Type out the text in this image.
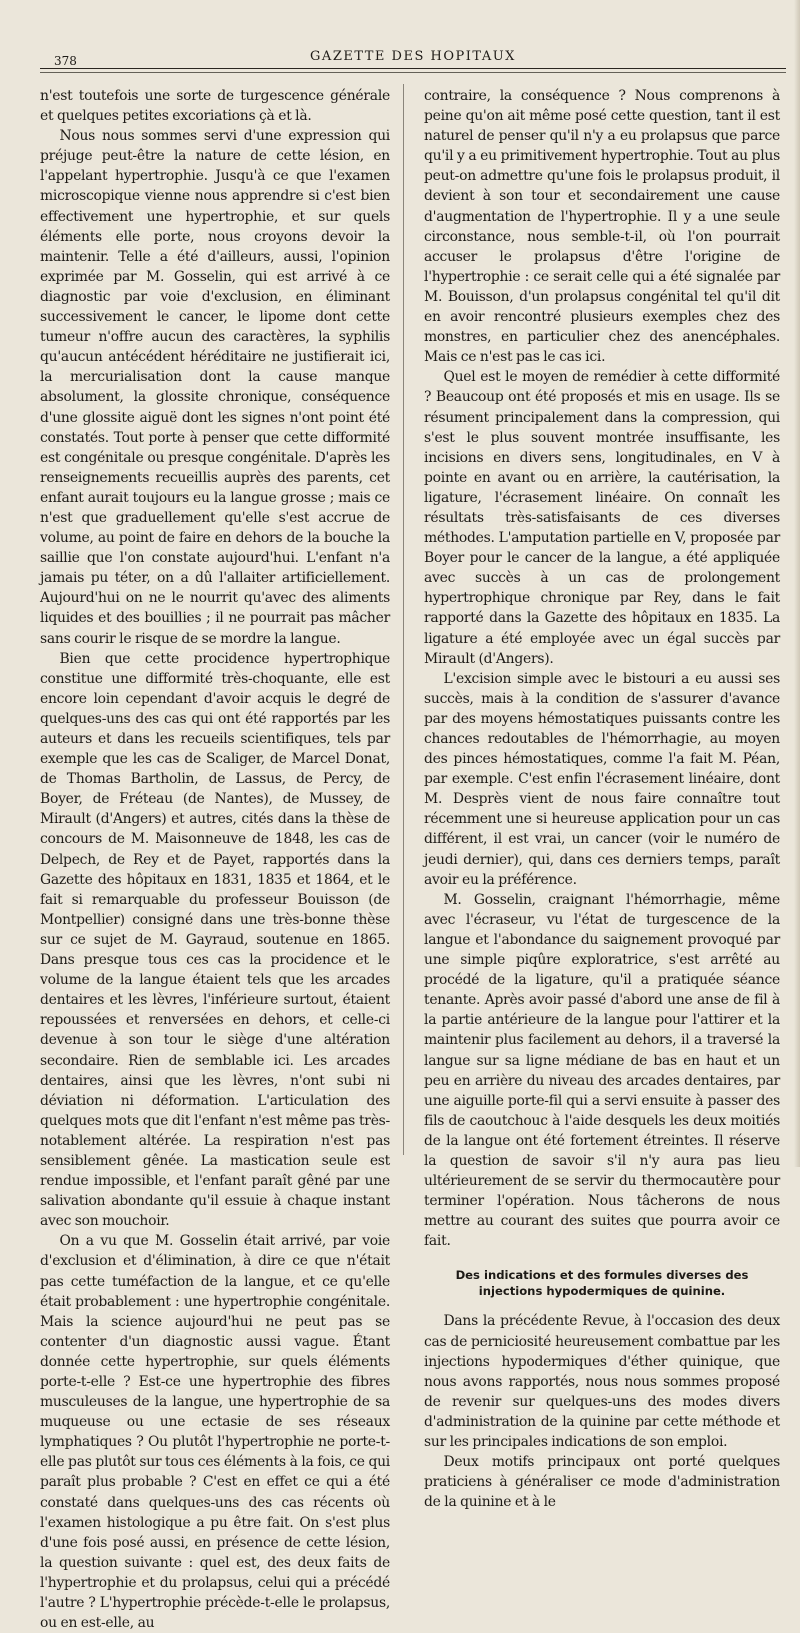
378	GAZETTE DES HOPITAUX

n'est toutefois une sorte de turgescence générale et quelques petites excoriations çà et là.

Nous nous sommes servi d'une expression qui préjuge peut-être la nature de cette lésion, en l'appelant hypertrophie. Jusqu'à ce que l'examen microscopique vienne nous apprendre si c'est bien effectivement une hypertrophie, et sur quels éléments elle porte, nous croyons devoir la maintenir. Telle a été d'ailleurs, aussi, l'opinion exprimée par M. Gosselin, qui est arrivé à ce diagnostic par voie d'exclusion, en éliminant successivement le cancer, le lipome dont cette tumeur n'offre aucun des caractères, la syphilis qu'aucun antécédent héréditaire ne justifierait ici, la mercurialisation dont la cause manque absolument, la glossite chronique, conséquence d'une glossite aiguë dont les signes n'ont point été constatés. Tout porte à penser que cette difformité est congénitale ou presque congénitale. D'après les renseignements recueillis auprès des parents, cet enfant aurait toujours eu la langue grosse ; mais ce n'est que graduellement qu'elle s'est accrue de volume, au point de faire en dehors de la bouche la saillie que l'on constate aujourd'hui. L'enfant n'a jamais pu téter, on a dû l'allaiter artificiellement. Aujourd'hui on ne le nourrit qu'avec des aliments liquides et des bouillies ; il ne pourrait pas mâcher sans courir le risque de se mordre la langue.

Bien que cette procidence hypertrophique constitue une difformité très-choquante, elle est encore loin cependant d'avoir acquis le degré de quelques-uns des cas qui ont été rapportés par les auteurs et dans les recueils scientifiques, tels par exemple que les cas de Scaliger, de Marcel Donat, de Thomas Bartholin, de Lassus, de Percy, de Boyer, de Fréteau (de Nantes), de Mussey, de Mirault (d'Angers) et autres, cités dans la thèse de concours de M. Maisonneuve de 1848, les cas de Delpech, de Rey et de Payet, rapportés dans la Gazette des hôpitaux en 1831, 1835 et 1864, et le fait si remarquable du professeur Bouisson (de Montpellier) consigné dans une très-bonne thèse sur ce sujet de M. Gayraud, soutenue en 1865. Dans presque tous ces cas la procidence et le volume de la langue étaient tels que les arcades dentaires et les lèvres, l'inférieure surtout, étaient repoussées et renversées en dehors, et celle-ci devenue à son tour le siège d'une altération secondaire. Rien de semblable ici. Les arcades dentaires, ainsi que les lèvres, n'ont subi ni déviation ni déformation. L'articulation des quelques mots que dit l'enfant n'est même pas très-notablement altérée. La respiration n'est pas sensiblement gênée. La mastication seule est rendue impossible, et l'enfant paraît gêné par une salivation abondante qu'il essuie à chaque instant avec son mouchoir.

On a vu que M. Gosselin était arrivé, par voie d'exclusion et d'élimination, à dire ce que n'était pas cette tuméfaction de la langue, et ce qu'elle était probablement : une hypertrophie congénitale. Mais la science aujourd'hui ne peut pas se contenter d'un diagnostic aussi vague. Étant donnée cette hypertrophie, sur quels éléments porte-t-elle ? Est-ce une hypertrophie des fibres musculeuses de la langue, une hypertrophie de sa muqueuse ou une ectasie de ses réseaux lymphatiques ? Ou plutôt l'hypertrophie ne porte-t-elle pas plutôt sur tous ces éléments à la fois, ce qui paraît plus probable ? C'est en effet ce qui a été constaté dans quelques-uns des cas récents où l'examen histologique a pu être fait. On s'est plus d'une fois posé aussi, en présence de cette lésion, la question suivante : quel est, des deux faits de l'hypertrophie et du prolapsus, celui qui a précédé l'autre ? L'hypertrophie précède-t-elle le prolapsus, ou en est-elle, au

contraire, la conséquence ? Nous comprenons à peine qu'on ait même posé cette question, tant il est naturel de penser qu'il n'y a eu prolapsus que parce qu'il y a eu primitivement hypertrophie. Tout au plus peut-on admettre qu'une fois le prolapsus produit, il devient à son tour et secondairement une cause d'augmentation de l'hypertrophie. Il y a une seule circonstance, nous semble-t-il, où l'on pourrait accuser le prolapsus d'être l'origine de l'hypertrophie : ce serait celle qui a été signalée par M. Bouisson, d'un prolapsus congénital tel qu'il dit en avoir rencontré plusieurs exemples chez des monstres, en particulier chez des anencéphales. Mais ce n'est pas le cas ici.

Quel est le moyen de remédier à cette difformité ? Beaucoup ont été proposés et mis en usage. Ils se résument principalement dans la compression, qui s'est le plus souvent montrée insuffisante, les incisions en divers sens, longitudinales, en V à pointe en avant ou en arrière, la cautérisation, la ligature, l'écrasement linéaire. On connaît les résultats très-satisfaisants de ces diverses méthodes. L'amputation partielle en V, proposée par Boyer pour le cancer de la langue, a été appliquée avec succès à un cas de prolongement hypertrophique chronique par Rey, dans le fait rapporté dans la Gazette des hôpitaux en 1835. La ligature a été employée avec un égal succès par Mirault (d'Angers).

L'excision simple avec le bistouri a eu aussi ses succès, mais à la condition de s'assurer d'avance par des moyens hémostatiques puissants contre les chances redoutables de l'hémorrhagie, au moyen des pinces hémostatiques, comme l'a fait M. Péan, par exemple. C'est enfin l'écrasement linéaire, dont M. Desprès vient de nous faire connaître tout récemment une si heureuse application pour un cas différent, il est vrai, un cancer (voir le numéro de jeudi dernier), qui, dans ces derniers temps, paraît avoir eu la préférence.

M. Gosselin, craignant l'hémorrhagie, même avec l'écraseur, vu l'état de turgescence de la langue et l'abondance du saignement provoqué par une simple piqûre exploratrice, s'est arrêté au procédé de la ligature, qu'il a pratiquée séance tenante. Après avoir passé d'abord une anse de fil à la partie antérieure de la langue pour l'attirer et la maintenir plus facilement au dehors, il a traversé la langue sur sa ligne médiane de bas en haut et un peu en arrière du niveau des arcades dentaires, par une aiguille porte-fil qui a servi ensuite à passer des fils de caoutchouc à l'aide desquels les deux moitiés de la langue ont été fortement étreintes. Il réserve la question de savoir s'il n'y aura pas lieu ultérieurement de se servir du thermocautère pour terminer l'opération. Nous tâcherons de nous mettre au courant des suites que pourra avoir ce fait.

Des indications et des formules diverses des injections hypodermiques de quinine.

Dans la précédente Revue, à l'occasion des deux cas de perniciosité heureusement combattue par les injections hypodermiques d'éther quinique, que nous avons rapportés, nous nous sommes proposé de revenir sur quelques-uns des modes divers d'administration de la quinine par cette méthode et sur les principales indications de son emploi.

Deux motifs principaux ont porté quelques praticiens à généraliser ce mode d'administration de la quinine et à le
